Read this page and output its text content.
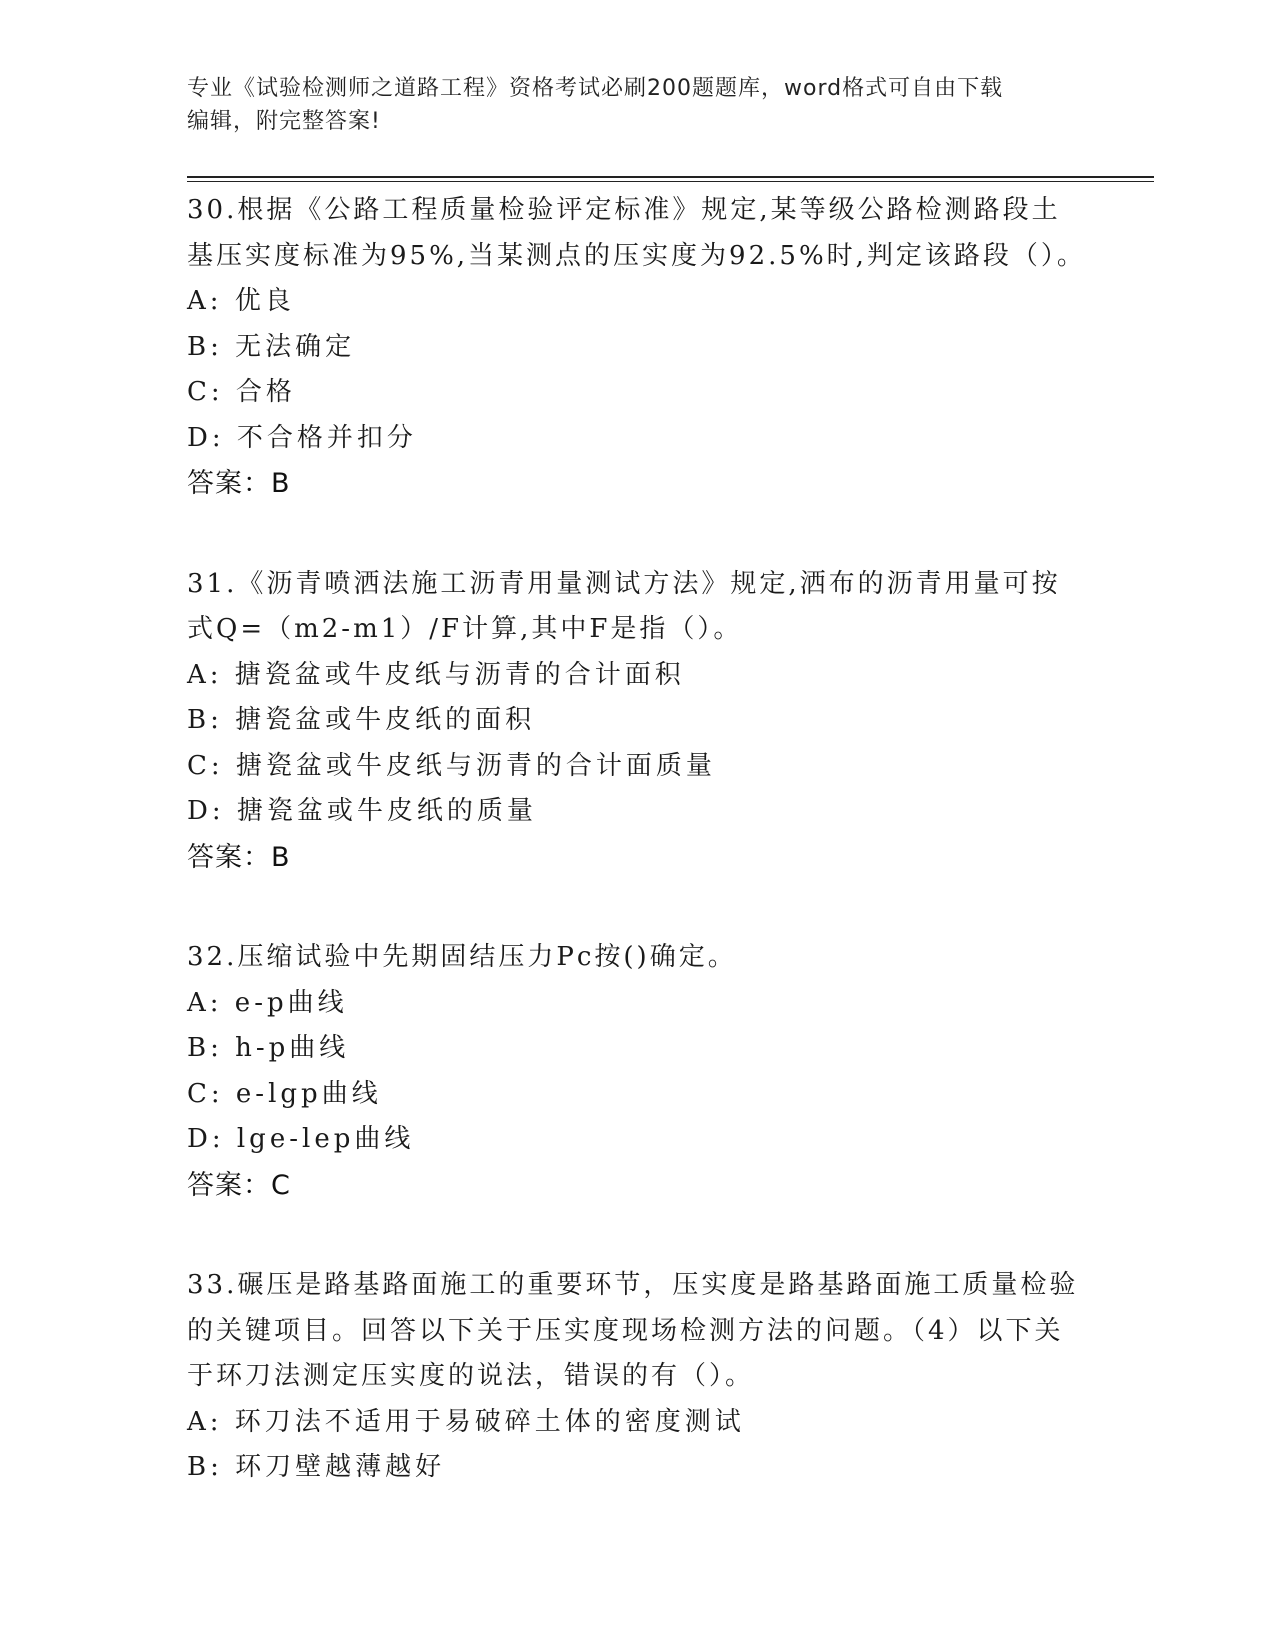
专业《试验检测师之道路工程》资格考试必刷200题题库，word格式可自由下载
编辑，附完整答案!
30.根据《公路工程质量检验评定标准》规定,某等级公路检测路段土
基压实度标准为95%,当某测点的压实度为92.5%时,判定该路段（）。
A: 优良
B: 无法确定
C: 合格
D: 不合格并扣分
答案：B
31.《沥青喷洒法施工沥青用量测试方法》规定,洒布的沥青用量可按
式Q=（m2-m1）/F计算,其中F是指（）。
A: 搪瓷盆或牛皮纸与沥青的合计面积
B: 搪瓷盆或牛皮纸的面积
C: 搪瓷盆或牛皮纸与沥青的合计面质量
D: 搪瓷盆或牛皮纸的质量
答案：B
32.压缩试验中先期固结压力Pc按()确定。
A: e-p曲线
B: h-p曲线
C: e-lgp曲线
D: lge-lep曲线
答案：C
33.碾压是路基路面施工的重要环节，压实度是路基路面施工质量检验
的关键项目。回答以下关于压实度现场检测方法的问题。（4）以下关
于环刀法测定压实度的说法，错误的有（）。
A: 环刀法不适用于易破碎土体的密度测试
B: 环刀壁越薄越好
